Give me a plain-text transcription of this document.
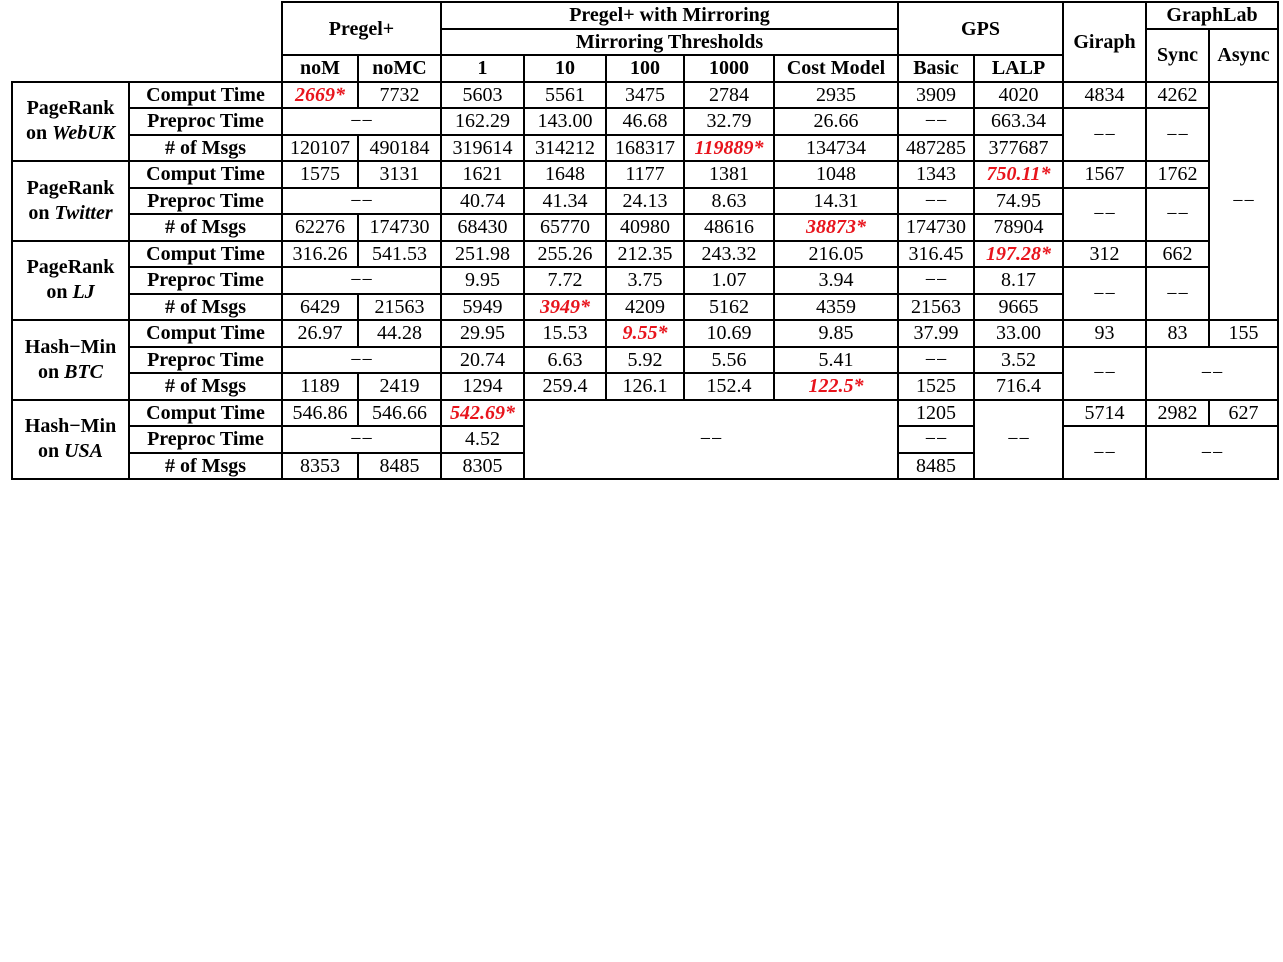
		Pregel+		Pregel+ with Mirroring					GPS		Giraph	GraphLab	
				Mirroring Thresholds								Sync	Async
		noM	noMC	1	10	100	1000	Cost Model	Basic	LALP			
PageRank
on WebUK	Comput Time	2669*	7732	5603	5561	3475	2784	2935	3909	4020	4834	4262	−−
	Preproc Time	−−		162.29	143.00	46.68	32.79	26.66	−−	663.34	−−	−−	
	# of Msgs	120107	490184	319614	314212	168317	119889*	134734	487285	377687			
PageRank
on Twitter	Comput Time	1575	3131	1621	1648	1177	1381	1048	1343	750.11*	1567	1762	
	Preproc Time	−−		40.74	41.34	24.13	8.63	14.31	−−	74.95	−−	−−	
	# of Msgs	62276	174730	68430	65770	40980	48616	38873*	174730	78904			
PageRank
on LJ	Comput Time	316.26	541.53	251.98	255.26	212.35	243.32	216.05	316.45	197.28*	312	662	
	Preproc Time	−−		9.95	7.72	3.75	1.07	3.94	−−	8.17	−−	−−	
	# of Msgs	6429	21563	5949	3949*	4209	5162	4359	21563	9665			
Hash−Min
on BTC	Comput Time	26.97	44.28	29.95	15.53	9.55*	10.69	9.85	37.99	33.00	93	83	155
	Preproc Time	−−		20.74	6.63	5.92	5.56	5.41	−−	3.52	−−	−−	
	# of Msgs	1189	2419	1294	259.4	126.1	152.4	122.5*	1525	716.4			
Hash−Min
on USA	Comput Time	546.86	546.66	542.69*	−−				1205	−−	5714	2982	627
	Preproc Time	−−		4.52					−−		−−	−−	
	# of Msgs	8353	8485	8305					8485				
